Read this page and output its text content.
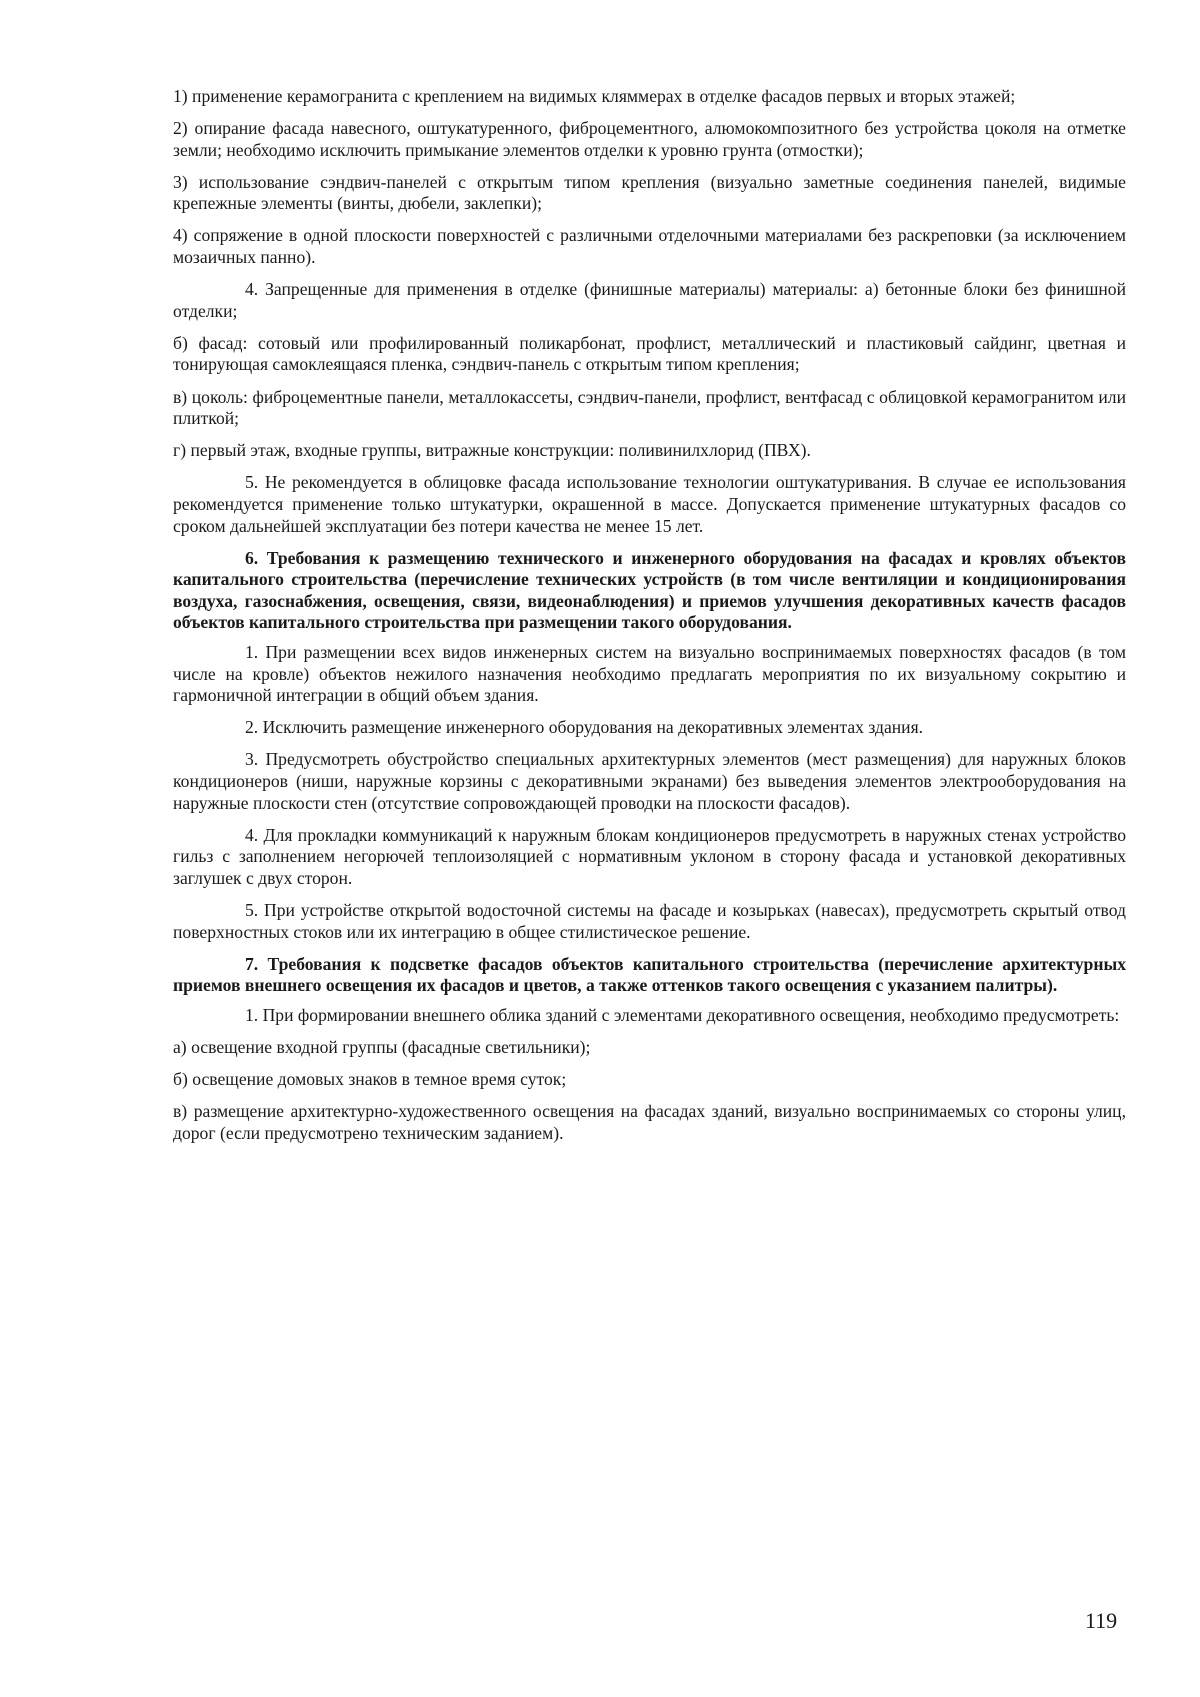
1) применение керамогранита с креплением на видимых кляммерах в отделке фасадов первых и вторых этажей;

2) опирание фасада навесного, оштукатуренного, фиброцементного, алюмокомпозитного без устройства цоколя на отметке земли; необходимо исключить примыкание элементов отделки к уровню грунта (отмостки);

3) использование сэндвич-панелей с открытым типом крепления (визуально заметные соединения панелей, видимые крепежные элементы (винты, дюбели, заклепки);

4) сопряжение в одной плоскости поверхностей с различными отделочными материалами без раскреповки (за исключением мозаичных панно).

4. Запрещенные для применения в отделке (финишные материалы) материалы: а) бетонные блоки без финишной отделки;

б) фасад: сотовый или профилированный поликарбонат, профлист, металлический и пластиковый сайдинг, цветная и тонирующая самоклеящаяся пленка, сэндвич-панель с открытым типом крепления;

в) цоколь: фиброцементные панели, металлокассеты, сэндвич-панели, профлист, вентфасад с облицовкой керамогранитом или плиткой;

г) первый этаж, входные группы, витражные конструкции: поливинилхлорид (ПВХ).

5. Не рекомендуется в облицовке фасада использование технологии оштукатуривания. В случае ее использования рекомендуется применение только штукатурки, окрашенной в массе. Допускается применение штукатурных фасадов со сроком дальнейшей эксплуатации без потери качества не менее 15 лет.

6. Требования к размещению технического и инженерного оборудования на фасадах и кровлях объектов капитального строительства (перечисление технических устройств (в том числе вентиляции и кондиционирования воздуха, газоснабжения, освещения, связи, видеонаблюдения) и приемов улучшения декоративных качеств фасадов объектов капитального строительства при размещении такого оборудования.

1. При размещении всех видов инженерных систем на визуально воспринимаемых поверхностях фасадов (в том числе на кровле) объектов нежилого назначения необходимо предлагать мероприятия по их визуальному сокрытию и гармоничной интеграции в общий объем здания.

2. Исключить размещение инженерного оборудования на декоративных элементах здания.

3. Предусмотреть обустройство специальных архитектурных элементов (мест размещения) для наружных блоков кондиционеров (ниши, наружные корзины с декоративными экранами) без выведения элементов электрооборудования на наружные плоскости стен (отсутствие сопровождающей проводки на плоскости фасадов).

4. Для прокладки коммуникаций к наружным блокам кондиционеров предусмотреть в наружных стенах устройство гильз с заполнением негорючей теплоизоляцией с нормативным уклоном в сторону фасада и установкой декоративных заглушек с двух сторон.

5. При устройстве открытой водосточной системы на фасаде и козырьках (навесах), предусмотреть скрытый отвод поверхностных стоков или их интеграцию в общее стилистическое решение.

7. Требования к подсветке фасадов объектов капитального строительства (перечисление архитектурных приемов внешнего освещения их фасадов и цветов, а также оттенков такого освещения с указанием палитры).

1. При формировании внешнего облика зданий с элементами декоративного освещения, необходимо предусмотреть:

а) освещение входной группы (фасадные светильники);

б) освещение домовых знаков в темное время суток;

в) размещение архитектурно-художественного освещения на фасадах зданий, визуально воспринимаемых со стороны улиц, дорог (если предусмотрено техническим заданием).

119
